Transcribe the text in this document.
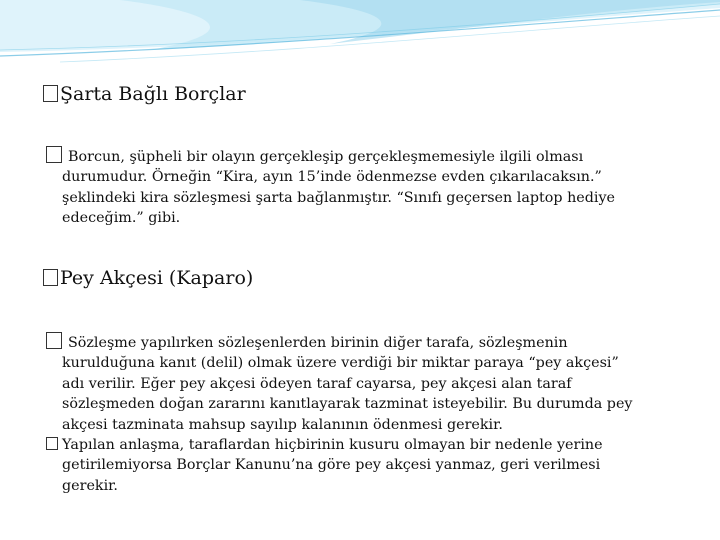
Şarta Bağlı Borçlar
Borcun, şüpheli bir olayın gerçekleşip gerçekleşmemesiyle ilgili olması
durumudur. Örneğin “Kira, ayın 15’inde ödenmezse evden çıkarılacaksın.”
şeklindeki kira sözleşmesi şarta bağlanmıştır. “Sınıfı geçersen laptop hediye
edeceğim.” gibi.
Pey Akçesi (Kaparo)
Sözleşme yapılırken sözleşenlerden birinin diğer tarafa, sözleşmenin
kurulduğuna kanıt (delil) olmak üzere verdiği bir miktar paraya “pey akçesi”
adı verilir. Eğer pey akçesi ödeyen taraf cayarsa, pey akçesi alan taraf
sözleşmeden doğan zararını kanıtlayarak tazminat isteyebilir. Bu durumda pey
akçesi tazminata mahsup sayılıp kalanının ödenmesi gerekir.
Yapılan anlaşma, taraflardan hiçbirinin kusuru olmayan bir nedenle yerine
getirilemiyorsa Borçlar Kanunu’na göre pey akçesi yanmaz, geri verilmesi
gerekir.
